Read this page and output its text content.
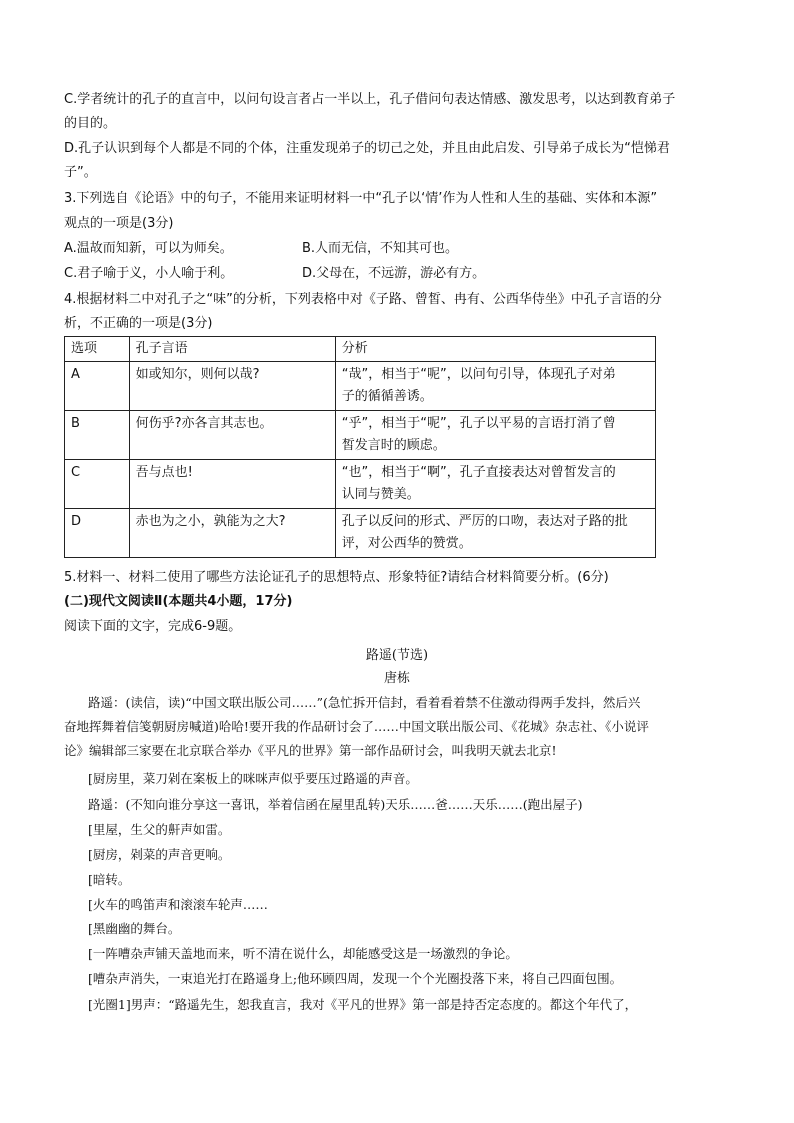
C.学者统计的孔子的直言中，以问句设言者占一半以上，孔子借问句表达情感、激发思考，以达到教育弟子
的目的。
D.孔子认识到每个人都是不同的个体，注重发现弟子的切己之处，并且由此启发、引导弟子成长为“恺悌君
子”。
3.下列选自《论语》中的句子，不能用来证明材料一中“孔子以‘情’作为人性和人生的基础、实体和本源”
观点的一项是(3分)
A.温故而知新，可以为师矣。	B.人而无信，不知其可也。
C.君子喻于义，小人喻于利。	D.父母在，不远游，游必有方。
4.根据材料二中对孔子之“味”的分析，下列表格中对《子路、曾皙、冉有、公西华侍坐》中孔子言语的分
析，不正确的一项是(3分)
选项	孔子言语	分析
A	如或知尔，则何以哉?	“哉”，相当于“呢”，以问句引导，体现孔子对弟
子的循循善诱。
B	何伤乎?亦各言其志也。	“乎”，相当于“呢”，孔子以平易的言语打消了曾
皙发言时的顾虑。
C	吾与点也!	“也”，相当于“啊”，孔子直接表达对曾皙发言的
认同与赞美。
D	赤也为之小，孰能为之大?	孔子以反问的形式、严厉的口吻，表达对子路的批
评，对公西华的赞赏。
5.材料一、材料二使用了哪些方法论证孔子的思想特点、形象特征?请结合材料简要分析。(6分)
(二)现代文阅读Ⅱ(本题共4小题，17分)
阅读下面的文字，完成6-9题。
路遥(节选)
唐栋
路遥：(读信，读)“中国文联出版公司……”(急忙拆开信封，看着看着禁不住激动得两手发抖，然后兴
奋地挥舞着信笺朝厨房喊道)哈哈!要开我的作品研讨会了……中国文联出版公司、《花城》杂志社、《小说评
论》编辑部三家要在北京联合举办《平凡的世界》第一部作品研讨会，叫我明天就去北京!
[厨房里，菜刀剁在案板上的咪咪声似乎要压过路遥的声音。
路遥：(不知向谁分享这一喜讯，举着信函在屋里乱转)天乐……爸……天乐……(跑出屋子)
[里屋，生父的鼾声如雷。
[厨房，剁菜的声音更响。
[暗转。
[火车的鸣笛声和滚滚车轮声……
[黑幽幽的舞台。
[一阵嘈杂声铺天盖地而来，听不清在说什么，却能感受这是一场激烈的争论。
[嘈杂声消失，一束追光打在路遥身上;他环顾四周，发现一个个光圈投落下来，将自己四面包围。
[光圈1]男声：“路遥先生，恕我直言，我对《平凡的世界》第一部是持否定态度的。都这个年代了，
